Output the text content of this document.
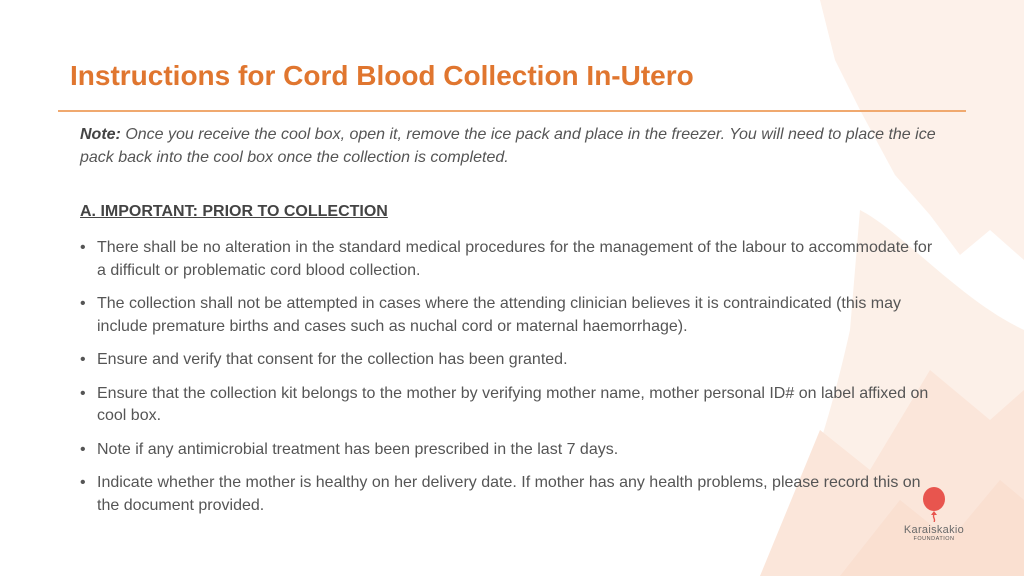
Instructions for Cord Blood Collection In-Utero
Note: Once you receive the cool box, open it, remove the ice pack and place in the freezer. You will need to place the ice pack back into the cool box once the collection is completed.
A. IMPORTANT: PRIOR TO COLLECTION
• There shall be no alteration in the standard medical procedures for the management of the labour to accommodate for a difficult or problematic cord blood collection.
• The collection shall not be attempted in cases where the attending clinician believes it is contraindicated (this may include premature births and cases such as nuchal cord or maternal haemorrhage).
• Ensure and verify that consent for the collection has been granted.
• Ensure that the collection kit belongs to the mother by verifying mother name, mother personal ID# on label affixed on cool box.
• Note if any antimicrobial treatment has been prescribed in the last 7 days.
• Indicate whether the mother is healthy on her delivery date. If mother has any health problems, please record this on the document provided.
Karaiskakio
FOUNDATION
